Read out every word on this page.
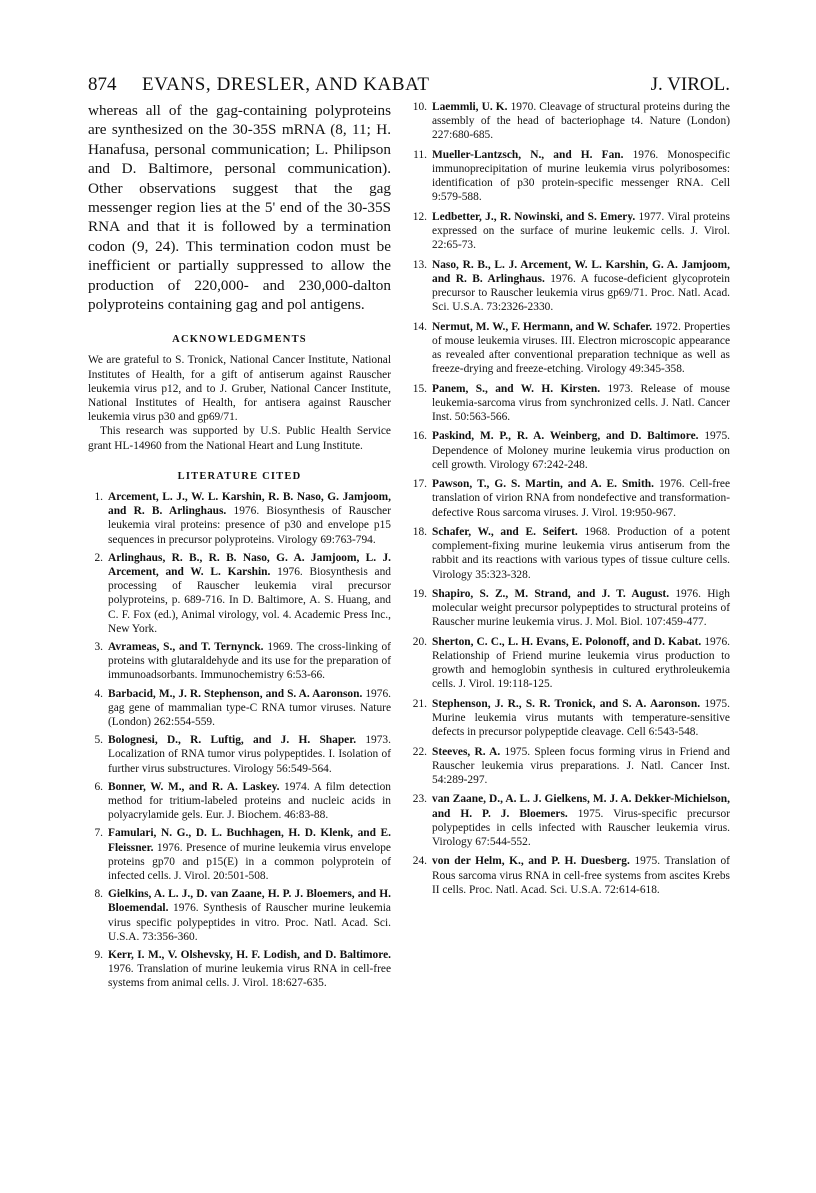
874 EVANS, DRESLER, AND KABAT	J. VIROL.

whereas all of the gag-containing polyproteins are synthesized on the 30-35S mRNA (8, 11; H. Hanafusa, personal communication; L. Philipson and D. Baltimore, personal communication). Other observations suggest that the gag messenger region lies at the 5' end of the 30-35S RNA and that it is followed by a termination codon (9, 24). This termination codon must be inefficient or partially suppressed to allow the production of 220,000- and 230,000-dalton polyproteins containing gag and pol antigens.

ACKNOWLEDGMENTS

We are grateful to S. Tronick, National Cancer Institute, National Institutes of Health, for a gift of antiserum against Rauscher leukemia virus p12, and to J. Gruber, National Cancer Institute, National Institutes of Health, for antisera against Rauscher leukemia virus p30 and gp69/71.

This research was supported by U.S. Public Health Service grant HL-14960 from the National Heart and Lung Institute.

LITERATURE CITED

1. Arcement, L. J., W. L. Karshin, R. B. Naso, G. Jamjoom, and R. B. Arlinghaus. 1976. Biosynthesis of Rauscher leukemia viral proteins: presence of p30 and envelope p15 sequences in precursor polyproteins. Virology 69:763-794.

2. Arlinghaus, R. B., R. B. Naso, G. A. Jamjoom, L. J. Arcement, and W. L. Karshin. 1976. Biosynthesis and processing of Rauscher leukemia viral precursor polyproteins, p. 689-716. In D. Baltimore, A. S. Huang, and C. F. Fox (ed.), Animal virology, vol. 4. Academic Press Inc., New York.

3. Avrameas, S., and T. Ternynck. 1969. The cross-linking of proteins with glutaraldehyde and its use for the preparation of immunoadsorbants. Immunochemistry 6:53-66.

4. Barbacid, M., J. R. Stephenson, and S. A. Aaronson. 1976. gag gene of mammalian type-C RNA tumor viruses. Nature (London) 262:554-559.

5. Bolognesi, D., R. Luftig, and J. H. Shaper. 1973. Localization of RNA tumor virus polypeptides. I. Isolation of further virus substructures. Virology 56:549-564.

6. Bonner, W. M., and R. A. Laskey. 1974. A film detection method for tritium-labeled proteins and nucleic acids in polyacrylamide gels. Eur. J. Biochem. 46:83-88.

7. Famulari, N. G., D. L. Buchhagen, H. D. Klenk, and E. Fleissner. 1976. Presence of murine leukemia virus envelope proteins gp70 and p15(E) in a common polyprotein of infected cells. J. Virol. 20:501-508.

8. Gielkins, A. L. J., D. van Zaane, H. P. J. Bloemers, and H. Bloemendal. 1976. Synthesis of Rauscher murine leukemia virus specific polypeptides in vitro. Proc. Natl. Acad. Sci. U.S.A. 73:356-360.

9. Kerr, I. M., V. Olshevsky, H. F. Lodish, and D. Baltimore. 1976. Translation of murine leukemia virus RNA in cell-free systems from animal cells. J. Virol. 18:627-635.

10. Laemmli, U. K. 1970. Cleavage of structural proteins during the assembly of the head of bacteriophage t4. Nature (London) 227:680-685.

11. Mueller-Lantzsch, N., and H. Fan. 1976. Monospecific immunoprecipitation of murine leukemia virus polyribosomes: identification of p30 protein-specific messenger RNA. Cell 9:579-588.

12. Ledbetter, J., R. Nowinski, and S. Emery. 1977. Viral proteins expressed on the surface of murine leukemic cells. J. Virol. 22:65-73.

13. Naso, R. B., L. J. Arcement, W. L. Karshin, G. A. Jamjoom, and R. B. Arlinghaus. 1976. A fucose-deficient glycoprotein precursor to Rauscher leukemia virus gp69/71. Proc. Natl. Acad. Sci. U.S.A. 73:2326-2330.

14. Nermut, M. W., F. Hermann, and W. Schafer. 1972. Properties of mouse leukemia viruses. III. Electron microscopic appearance as revealed after conventional preparation technique as well as freeze-drying and freeze-etching. Virology 49:345-358.

15. Panem, S., and W. H. Kirsten. 1973. Release of mouse leukemia-sarcoma virus from synchronized cells. J. Natl. Cancer Inst. 50:563-566.

16. Paskind, M. P., R. A. Weinberg, and D. Baltimore. 1975. Dependence of Moloney murine leukemia virus production on cell growth. Virology 67:242-248.

17. Pawson, T., G. S. Martin, and A. E. Smith. 1976. Cell-free translation of virion RNA from nondefective and transformation-defective Rous sarcoma viruses. J. Virol. 19:950-967.

18. Schafer, W., and E. Seifert. 1968. Production of a potent complement-fixing murine leukemia virus antiserum from the rabbit and its reactions with various types of tissue culture cells. Virology 35:323-328.

19. Shapiro, S. Z., M. Strand, and J. T. August. 1976. High molecular weight precursor polypeptides to structural proteins of Rauscher murine leukemia virus. J. Mol. Biol. 107:459-477.

20. Sherton, C. C., L. H. Evans, E. Polonoff, and D. Kabat. 1976. Relationship of Friend murine leukemia virus production to growth and hemoglobin synthesis in cultured erythroleukemia cells. J. Virol. 19:118-125.

21. Stephenson, J. R., S. R. Tronick, and S. A. Aaronson. 1975. Murine leukemia virus mutants with temperature-sensitive defects in precursor polypeptide cleavage. Cell 6:543-548.

22. Steeves, R. A. 1975. Spleen focus forming virus in Friend and Rauscher leukemia virus preparations. J. Natl. Cancer Inst. 54:289-297.

23. van Zaane, D., A. L. J. Gielkens, M. J. A. Dekker-Michielson, and H. P. J. Bloemers. 1975. Virus-specific precursor polypeptides in cells infected with Rauscher leukemia virus. Virology 67:544-552.

24. von der Helm, K., and P. H. Duesberg. 1975. Translation of Rous sarcoma virus RNA in cell-free systems from ascites Krebs II cells. Proc. Natl. Acad. Sci. U.S.A. 72:614-618.
